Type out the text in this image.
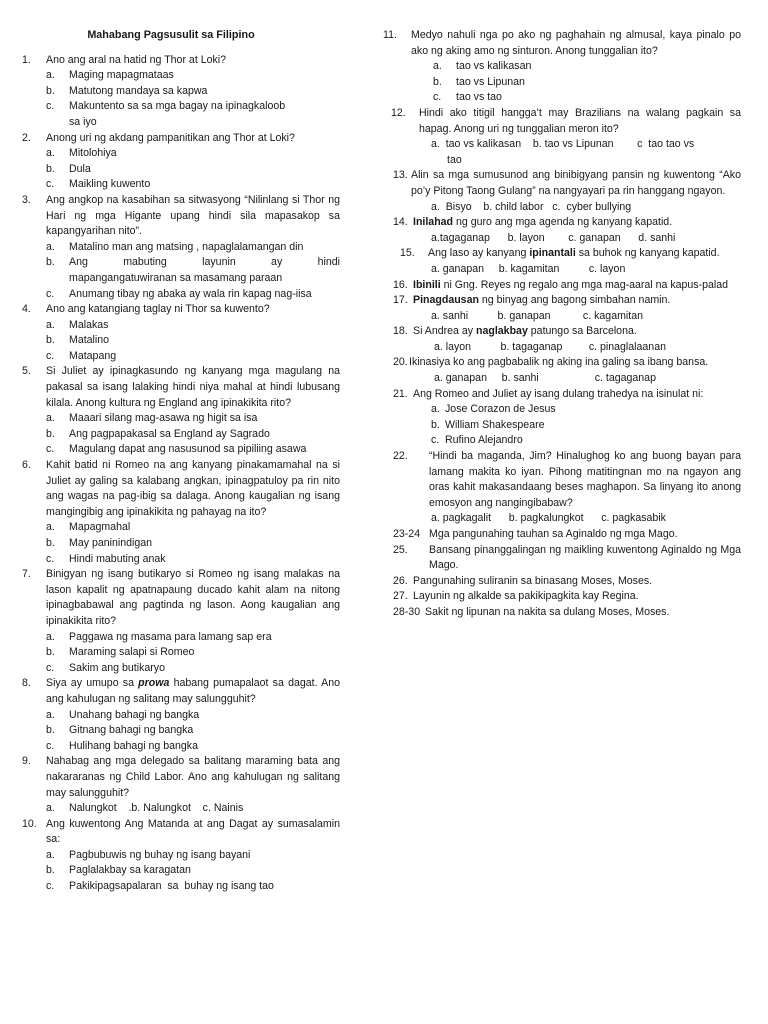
Mahabang Pagsusulit sa Filipino
1.	Ano ang aral na hatid ng Thor at Loki?
a.	Maging mapagmataas
b.	Matutong mandaya sa kapwa
c.	Makuntento sa sa mga bagay na ipinagkaloob
sa iyo
2.	Anong uri ng akdang pampanitikan ang Thor at Loki?
a.	Mitolohiya
b.	Dula
c.	Maikling kuwento
3.	Ang angkop na kasabihan sa sitwasyong “Nilinlang si Thor ng Hari ng mga Higante upang hindi sila mapasakop sa kapangyarihan nito”.
a.	Matalino man ang matsing , napaglalamangan din
b.	Ang mabuting layunin ay hindi
mapangangatuwiranan sa masamang paraan
c.	Anumang tibay ng abaka ay wala rin kapag nag-iisa
4.	Ano ang katangiang taglay ni Thor sa kuwento?
a.	Malakas
b.	Matalino
c.	Matapang
5.	Si Juliet ay ipinagkasundo ng kanyang mga magulang na pakasal sa isang lalaking hindi niya mahal at hindi lubusang kilala. Anong kultura ng England ang ipinakikita rito?
a.	Maaari silang mag-asawa ng higit sa isa
b.	Ang pagpapakasal sa England ay Sagrado
c.	Magulang dapat ang nasusunod sa pipiliing asawa
6.	Kahit batid ni Romeo na ang kanyang pinakamamahal na si Juliet ay galing sa kalabang angkan, ipinagpatuloy pa rin nito ang wagas na pag-ibig sa dalaga. Anong kaugalian ng isang mangingibig ang ipinakikita ng pahayag na ito?
a.	Mapagmahal
b.	May paninindigan
c.	Hindi mabuting anak
7.	Binigyan ng isang butikaryo si Romeo ng isang malakas na lason kapalit ng apatnapaung ducado kahit alam na nitong ipinagbabawal ang pagtinda ng lason. Aong kaugalian ang ipinakikita rito?
a.	Paggawa ng masama para lamang sap era
b.	Maraming salapi si Romeo
c.	Sakim ang butikaryo
8.	Siya ay umupo sa prowa habang pumapalaot sa dagat. Ano ang kahulugan ng salitang may salungguhit?
a.	Unahang bahagi ng bangka
b.	Gitnang bahagi ng bangka
c.	Hulihang bahagi ng bangka
9.	Nahabag ang mga delegado sa balitang maraming bata ang nakararanas ng Child Labor. Ano ang kahulugan ng salitang may salungguhit?
a.	Nalungkot    .b. Nalungkot    c. Nainis
10. Ang kuwentong Ang Matanda at ang Dagat ay sumasalamin sa:
a.	Pagbubuwis ng buhay ng isang bayani
b.	Paglalakbay sa karagatan
c.	Pakikipagsapalaran  sa  buhay ng isang tao
11.	Medyo nahuli nga po ako ng paghahain ng almusal, kaya pinalo po ako ng aking amo ng sinturon. Anong tunggalian ito?
a.	tao vs kalikasan
b.	tao vs Lipunan
c.	tao vs tao
12.	Hindi ako titigil hangga’t may Brazilians na walang pagkain sa hapag. Anong uri ng tunggalian meron ito?
a.  tao vs kalikasan    b. tao vs Lipunan        c  tao tao vs
tao
13. Alin sa mga sumusunod ang binibigyang pansin ng kuwentong “Ako po’y Pitong Taong Gulang” na nangyayari pa rin hanggang ngayon.
a.  Bisyo    b. child labor   c.  cyber bullying
14. Inilahad ng guro ang mga agenda ng kanyang kapatid.
a.tagaganap      b. layon        c. ganapan      d. sanhi
15.	Ang laso ay kanyang ipinantali sa buhok ng kanyang kapatid.
a. ganapan     b. kagamitan          c. layon
16. Ibinili ni Gng. Reyes ng regalo ang mga mag-aaral na kapus-palad
17. Pinagdausan ng binyag ang bagong simbahan namin.
a. sanhi          b. ganapan           c. kagamitan
18. Si Andrea ay naglakbay patungo sa Barcelona.
a. layon          b. tagaganap         c. pinaglalaanan
20. Ikinasiya ko ang pagbabalik ng aking ina galing sa ibang bansa.
a. ganapan     b. sanhi                   c. tagaganap
21. Ang Romeo and Juliet ay isang dulang trahedya na isinulat ni:
a. Jose Corazon de Jesus
b. William Shakespeare
c. Rufino Alejandro
22.	“Hindi ba maganda, Jim? Hinalughog ko ang buong bayan para lamang makita ko iyan. Pihong matitingnan mo na ngayon ang oras kahit makasandaang beses maghapon. Sa linyang ito anong emosyon ang nangingibabaw?
a. pagkagalit      b. pagkalungkot      c. pagkasabik
23-24 Mga pangunahing tauhan sa Aginaldo ng mga Mago.
25.	Bansang pinanggalingan ng maikling kuwentong Aginaldo ng Mga Mago.
26. Pangunahing suliranin sa binasang Moses, Moses.
27. Layunin ng alkalde sa pakikipagkita kay Regina.
28-30 Sakit ng lipunan na nakita sa dulang Moses, Moses.
